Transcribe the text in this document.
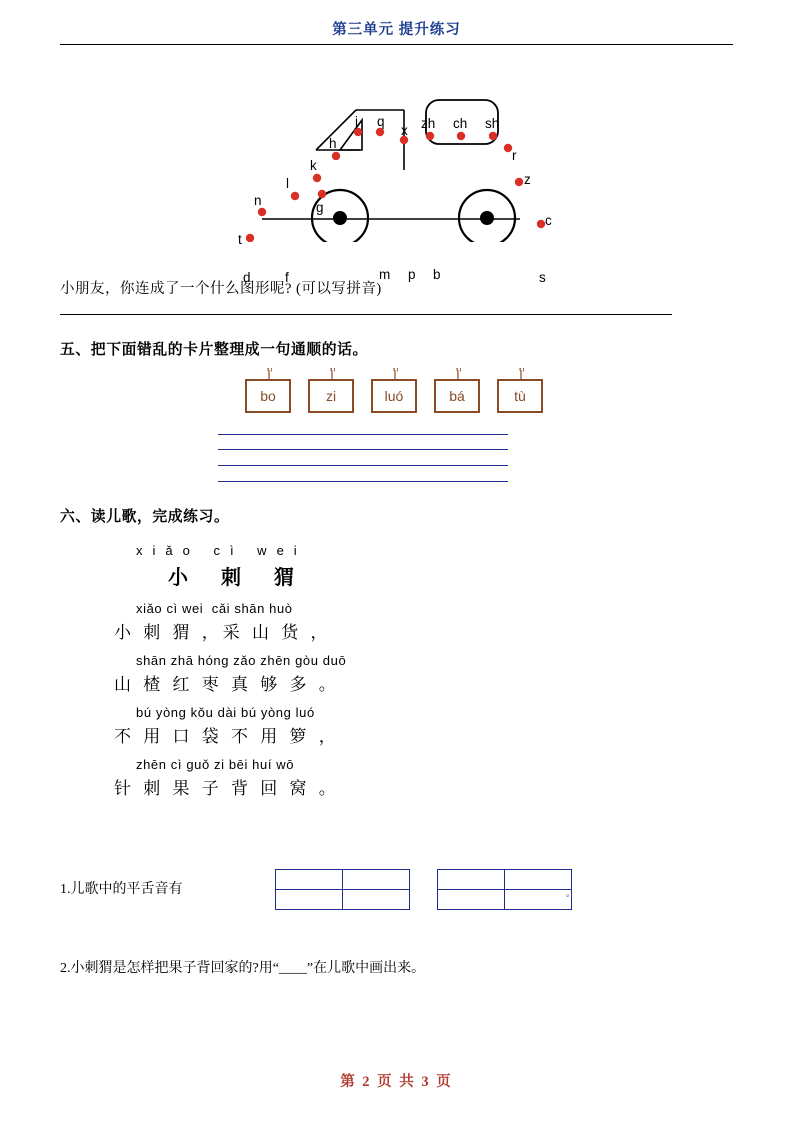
第三单元 提升练习
j q
x zh ch sh
h
k
l
g
n
t
d	f	m p b
r
z
c
s
小朋友，你连成了一个什么图形呢? (可以写拼音)
五、把下面错乱的卡片整理成一句通顺的话。
bo	zi	luó	bá	tù
六、读儿歌，完成练习。
xiǎo cì wei
小 刺 猬
xiǎo cì wei  cǎi shān huò
小 刺 猬 ，采 山 货 ，
shān zhā hóng zǎo zhēn gòu duō
山 楂 红 枣 真 够 多 。
bú yòng kǒu dài bú yòng luó
不 用 口 袋 不 用 箩 ，
zhēn cì guǒ zi bēi huí wō
针 刺 果 子 背 回 窝 。
1.儿歌中的平舌音有

		。
2.小刺猬是怎样把果子背回家的?用“____”在儿歌中画出来。
第 2 页 共 3 页
